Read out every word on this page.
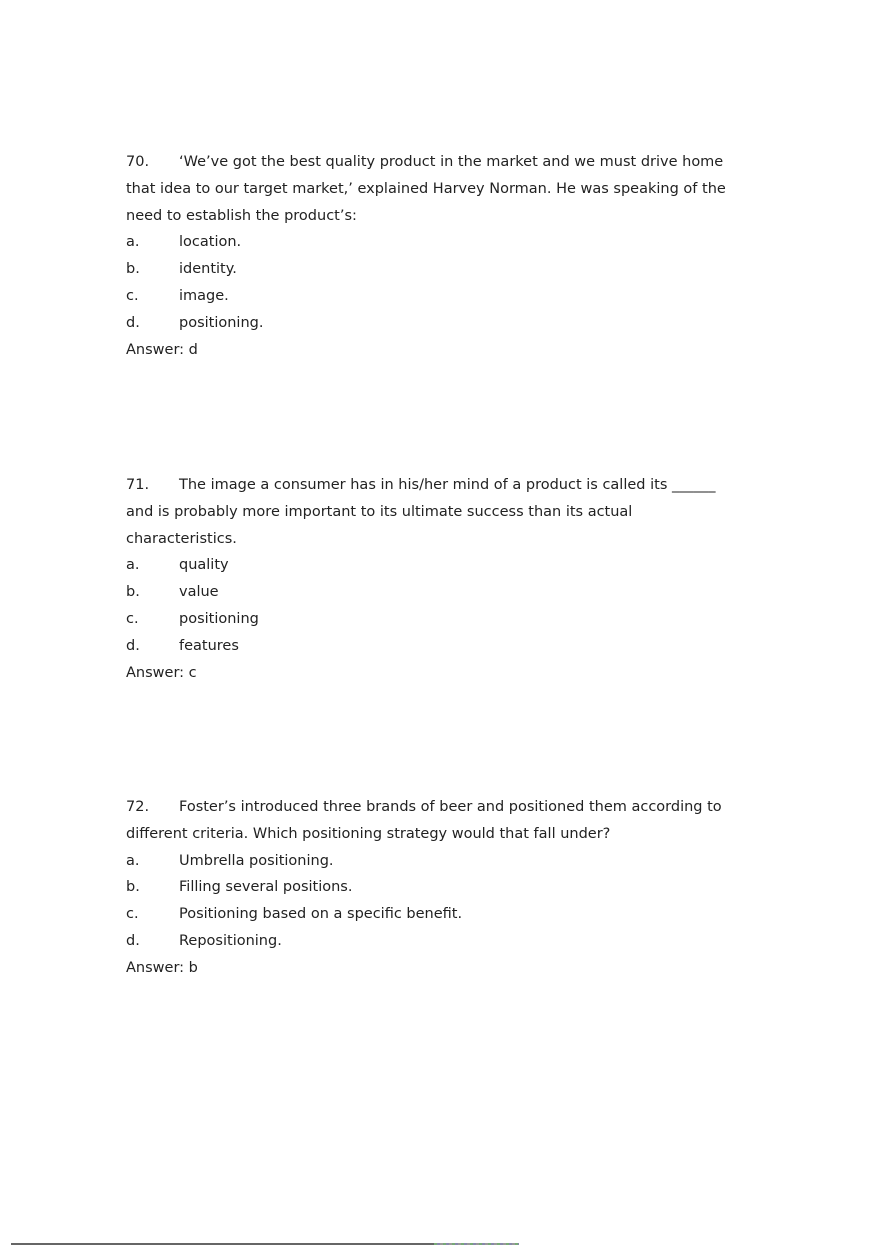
70. ‘We’ve got the best quality product in the market and we must drive home
that idea to our target market,’ explained Harvey Norman. He was speaking of the
need to establish the product’s:
a.	location.
b.	identity.
c.	image.
d.	positioning.
Answer: d
71. The image a consumer has in his/her mind of a product is called its ______
and is probably more important to its ultimate success than its actual
characteristics.
a.	quality
b.	value
c.	positioning
d.	features
Answer: c
72. Foster’s introduced three brands of beer and positioned them according to
different criteria. Which positioning strategy would that fall under?
a.	Umbrella positioning.
b.	Filling several positions.
c.	Positioning based on a specific benefit.
d.	Repositioning.
Answer: b
